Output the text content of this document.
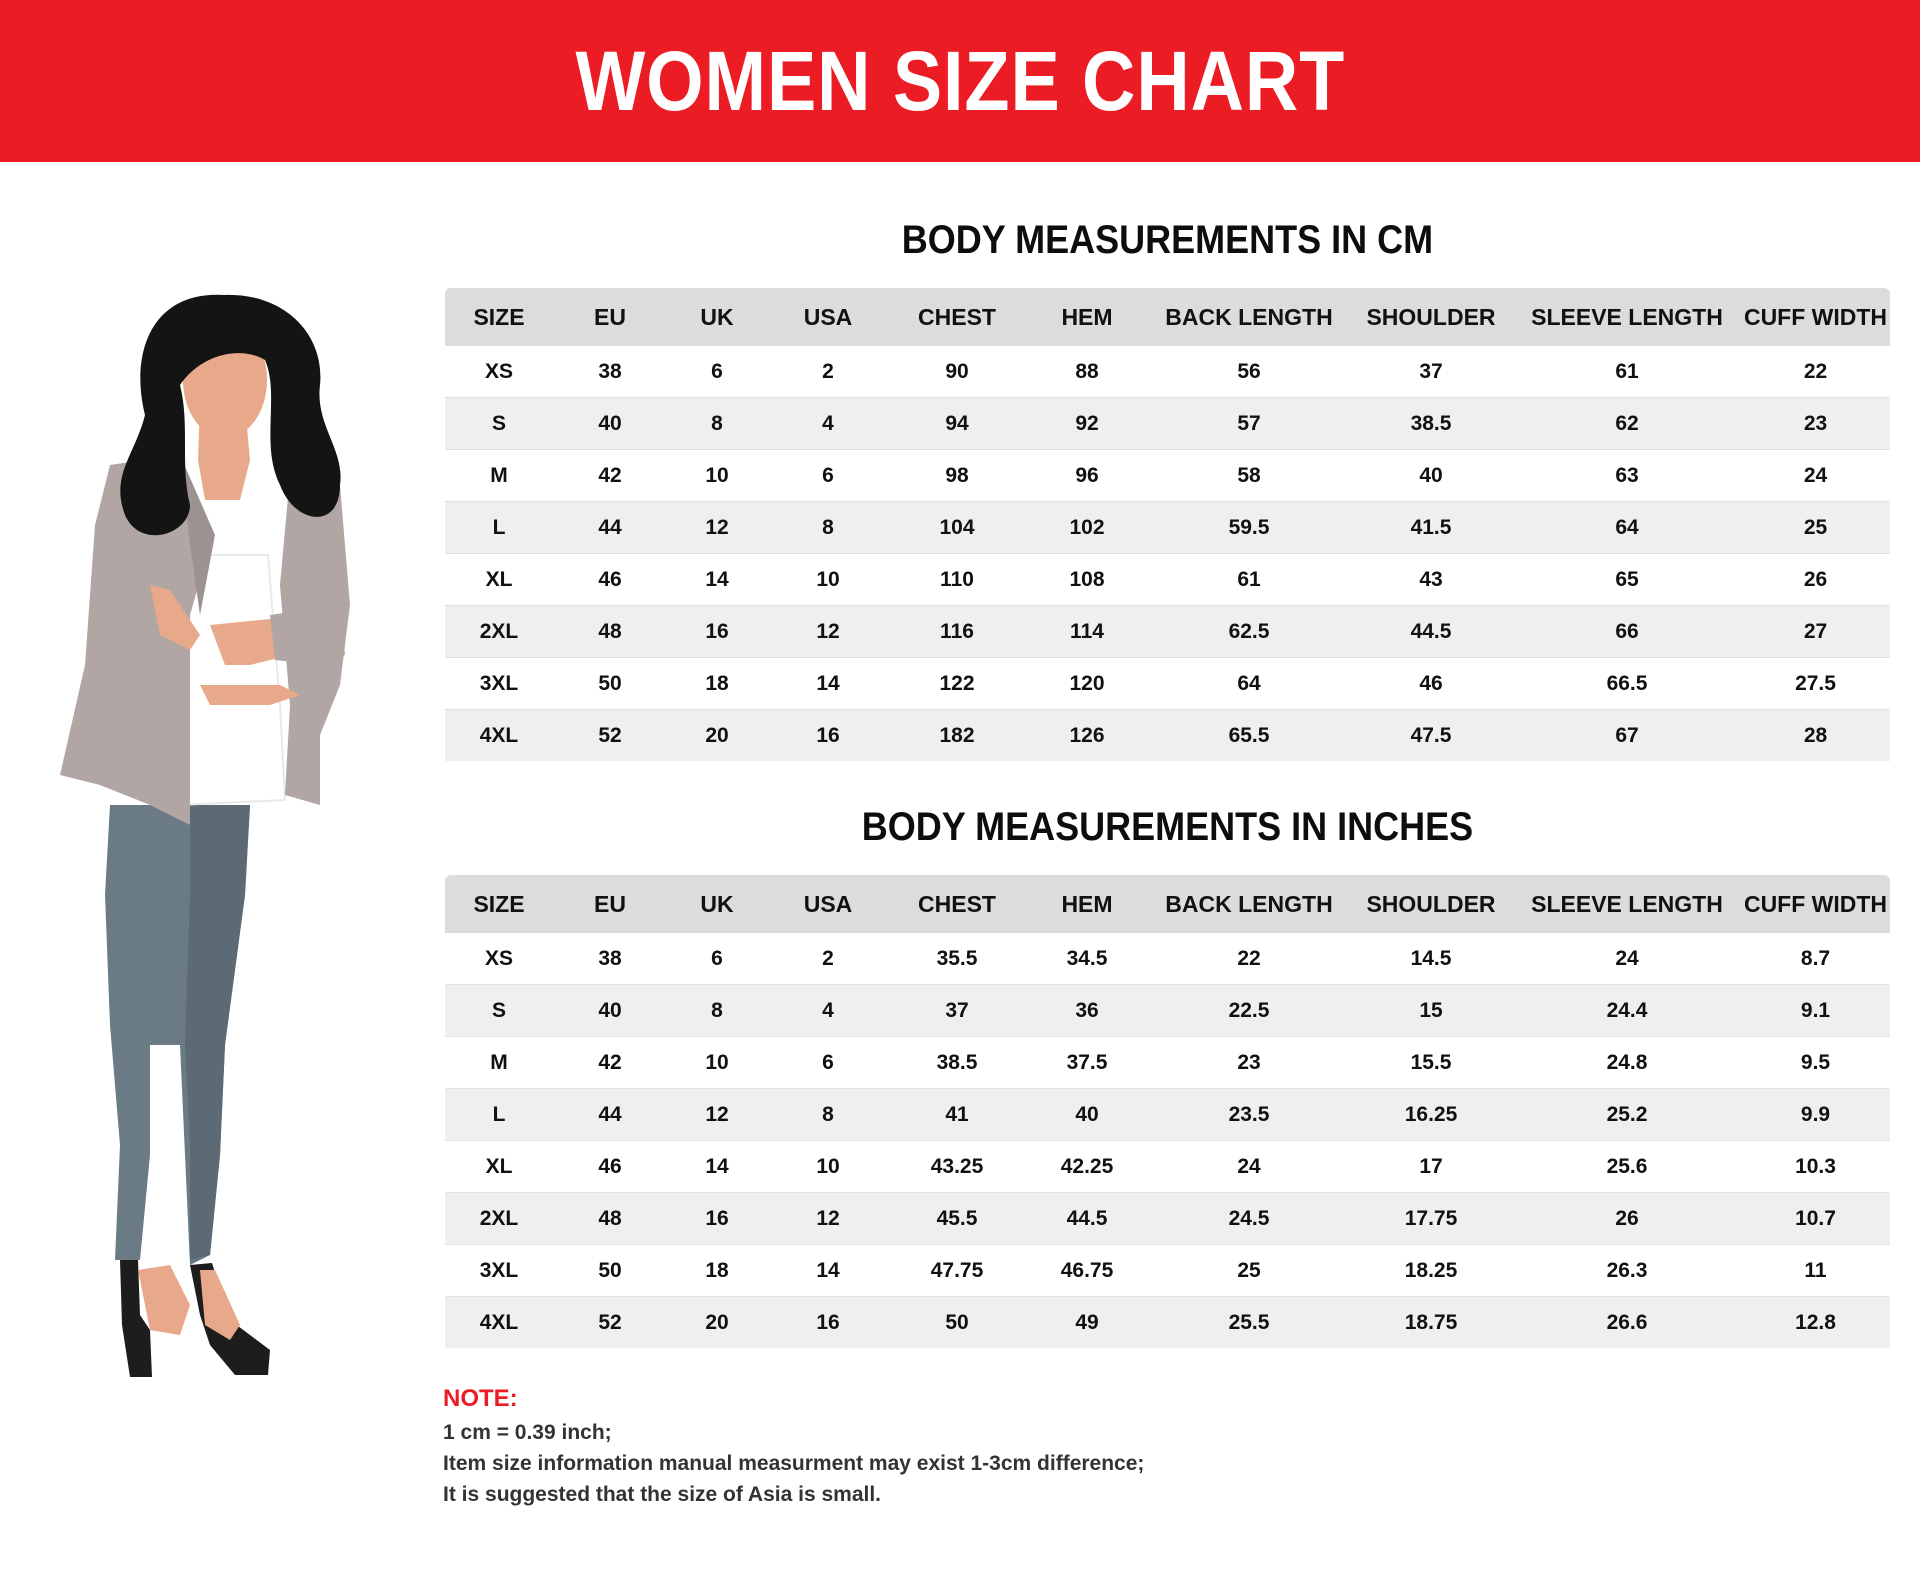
WOMEN SIZE CHART
BODY MEASUREMENTS IN CM
SIZE	EU	UK	USA	CHEST	HEM	BACK LENGTH	SHOULDER	SLEEVE LENGTH	CUFF WIDTH
XS	38	6	2	90	88	56	37	61	22
S	40	8	4	94	92	57	38.5	62	23
M	42	10	6	98	96	58	40	63	24
L	44	12	8	104	102	59.5	41.5	64	25
XL	46	14	10	110	108	61	43	65	26
2XL	48	16	12	116	114	62.5	44.5	66	27
3XL	50	18	14	122	120	64	46	66.5	27.5
4XL	52	20	16	182	126	65.5	47.5	67	28
BODY MEASUREMENTS IN INCHES
SIZE	EU	UK	USA	CHEST	HEM	BACK LENGTH	SHOULDER	SLEEVE LENGTH	CUFF WIDTH
XS	38	6	2	35.5	34.5	22	14.5	24	8.7
S	40	8	4	37	36	22.5	15	24.4	9.1
M	42	10	6	38.5	37.5	23	15.5	24.8	9.5
L	44	12	8	41	40	23.5	16.25	25.2	9.9
XL	46	14	10	43.25	42.25	24	17	25.6	10.3
2XL	48	16	12	45.5	44.5	24.5	17.75	26	10.7
3XL	50	18	14	47.75	46.75	25	18.25	26.3	11
4XL	52	20	16	50	49	25.5	18.75	26.6	12.8
NOTE:
1 cm = 0.39 inch;
Item size information manual measurment may exist 1-3cm difference;
It is suggested that the size of Asia is small.
